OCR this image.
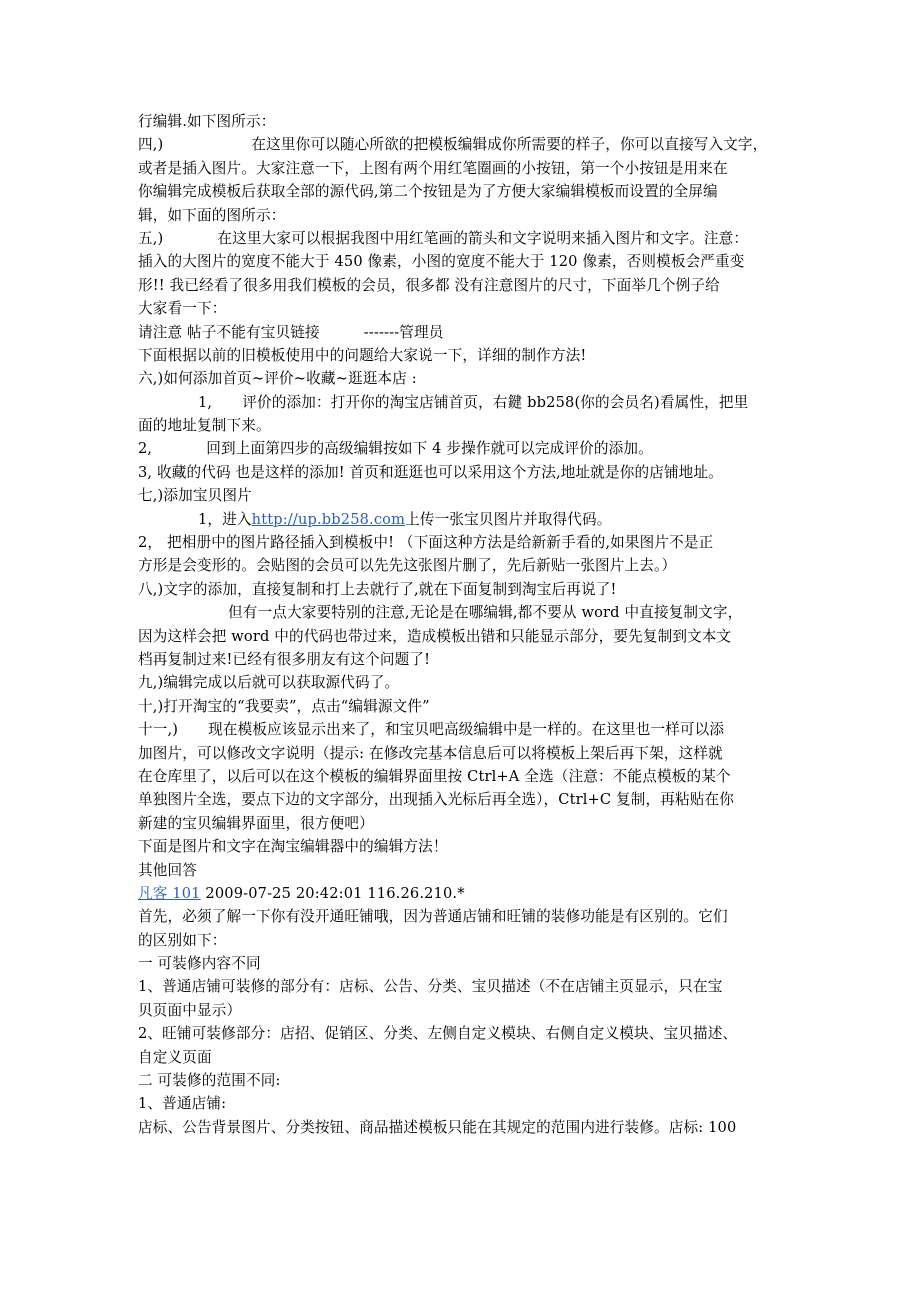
行编辑.如下图所示：
四,)	在这里你可以随心所欲的把模板编辑成你所需要的样子，你可以直接写入文字，
或者是插入图片。大家注意一下，上图有两个用红笔圈画的小按钮，第一个小按钮是用来在
你编辑完成模板后获取全部的源代码,第二个按钮是为了方便大家编辑模板而设置的全屏编
辑，如下面的图所示：
五,)	在这里大家可以根据我图中用红笔画的箭头和文字说明来插入图片和文字。注意：
插入的大图片的宽度不能大于 450 像素，小图的宽度不能大于 120 像素，否则模板会严重变
形!! 我已经看了很多用我们模板的会员，很多都 没有注意图片的尺寸，下面举几个例子给
大家看一下：
请注意 帖子不能有宝贝链接	-------管理员
下面根据以前的旧模板使用中的问题给大家说一下，详细的制作方法!
六,)如何添加首页~评价~收藏~逛逛本店 :
1, 评价的添加：打开你的淘宝店铺首页，右鍵 bb258(你的会员名)看属性，把里
面的地址复制下来。
2,	回到上面第四步的高级编辑按如下 4 步操作就可以完成评价的添加。
3, 收藏的代码 也是这样的添加! 首页和逛逛也可以采用这个方法,地址就是你的店铺地址。
七,)添加宝贝图片
1，进入http://up.bb258.com上传一张宝贝图片并取得代码。
2， 把相册中的图片路径插入到模板中! （下面这种方法是给新新手看的,如果图片不是正
方形是会变形的。会贴图的会员可以先先这张图片删了，先后新贴一张图片上去。）
八,)文字的添加，直接复制和打上去就行了,就在下面复制到淘宝后再说了!
但有一点大家要特别的注意,无论是在哪编辑,都不要从 word 中直接复制文字，
因为这样会把 word 中的代码也带过来，造成模板出错和只能显示部分，要先复制到文本文
档再复制过来!已经有很多朋友有这个问题了!
九,)编辑完成以后就可以获取源代码了。
十,)打开淘宝的“我要卖”，点击“编辑源文件”
十一,) 现在模板应该显示出来了，和宝贝吧高级编辑中是一样的。在这里也一样可以添
加图片，可以修改文字说明（提示: 在修改完基本信息后可以将模板上架后再下架，这样就
在仓库里了，以后可以在这个模板的编辑界面里按 Ctrl+A 全选（注意：不能点模板的某个
单独图片全选，要点下边的文字部分，出现插入光标后再全选），Ctrl+C 复制，再粘贴在你
新建的宝贝编辑界面里，很方便吧）
下面是图片和文字在淘宝编辑器中的编辑方法！
其他回答
凡客 101 2009-07-25 20:42:01 116.26.210.*
首先，必须了解一下你有没开通旺铺哦，因为普通店铺和旺铺的装修功能是有区别的。它们
的区别如下：
一 可装修内容不同
1、普通店铺可装修的部分有：店标、公告、分类、宝贝描述（不在店铺主页显示，只在宝
贝页面中显示）
2、旺铺可装修部分：店招、促销区、分类、左侧自定义模块、右侧自定义模块、宝贝描述、
自定义页面
二 可装修的范围不同:
1、普通店铺:
店标、公告背景图片、分类按钮、商品描述模板只能在其规定的范围内进行装修。店标: 100
